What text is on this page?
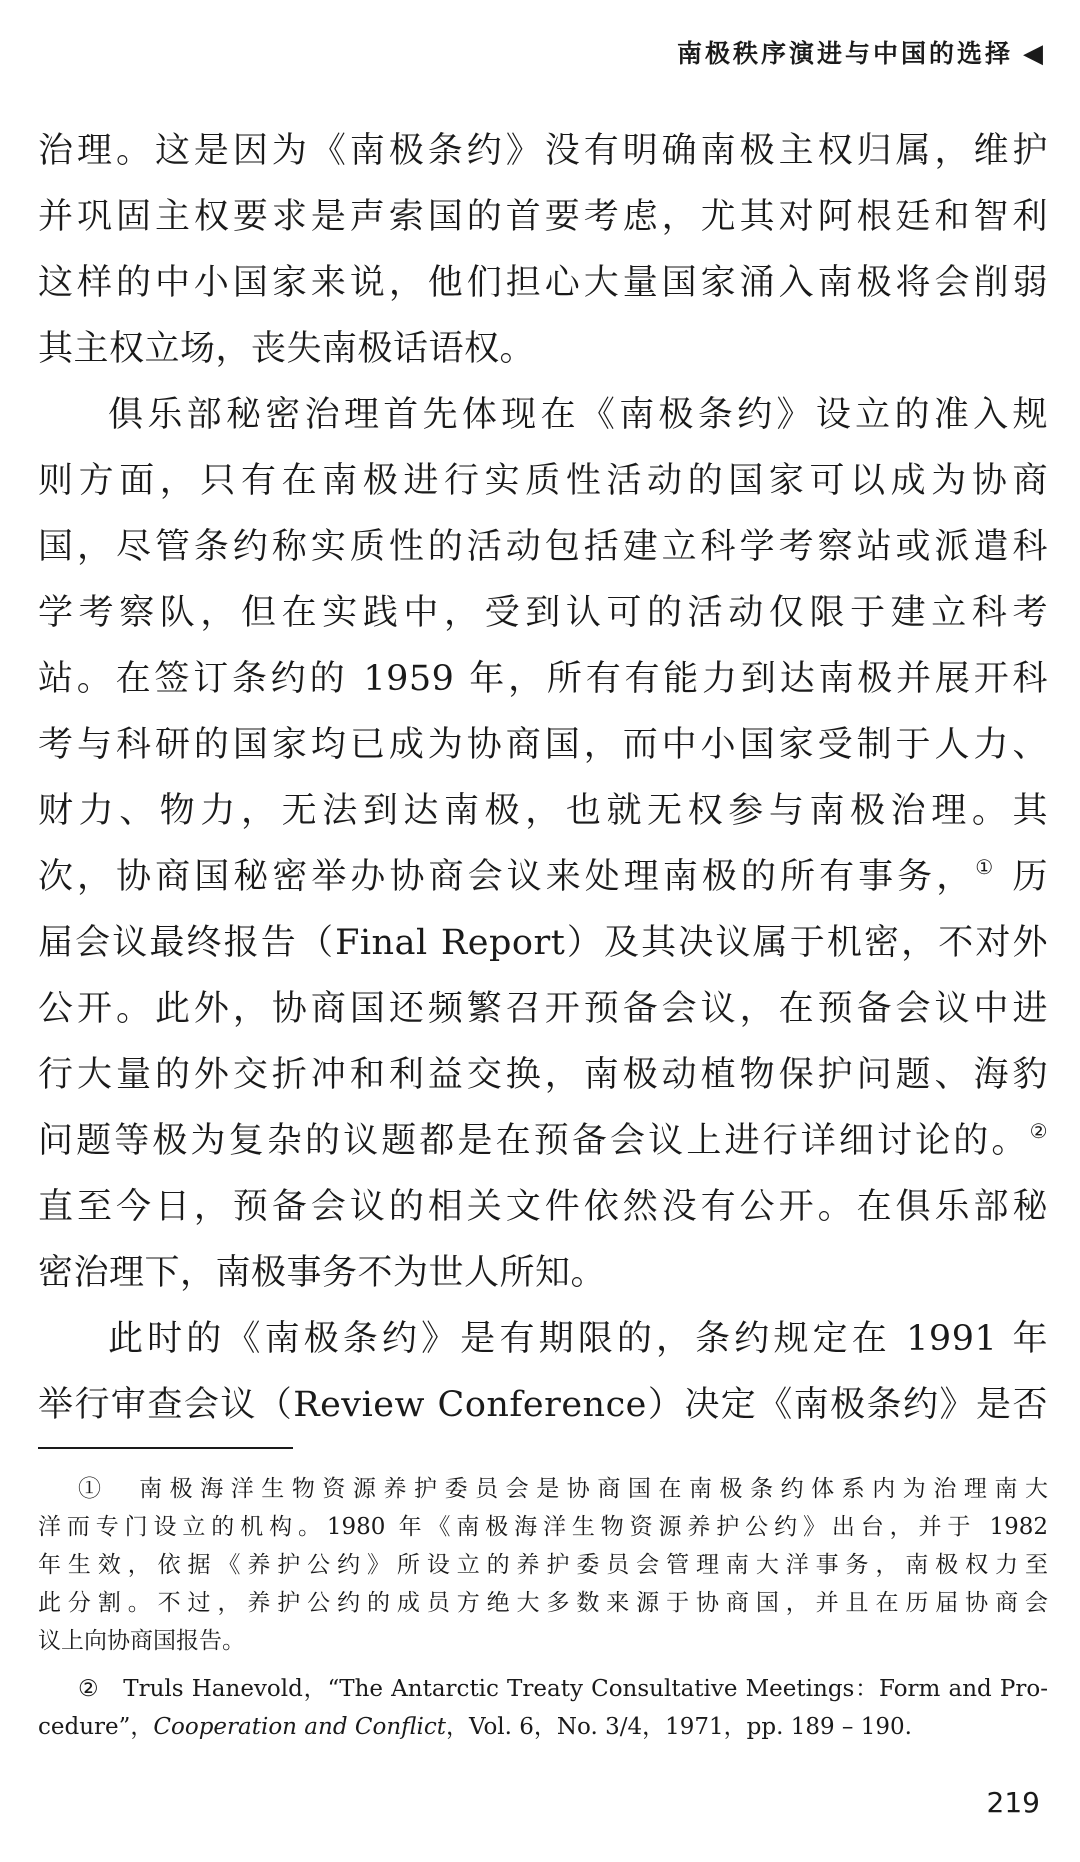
南极秩序演进与中国的选择 ◀
治理。这是因为《南极条约》没有明确南极主权归属，维护
并巩固主权要求是声索国的首要考虑，尤其对阿根廷和智利
这样的中小国家来说，他们担心大量国家涌入南极将会削弱
其主权立场，丧失南极话语权。
俱乐部秘密治理首先体现在《南极条约》设立的准入规
则方面，只有在南极进行实质性活动的国家可以成为协商
国，尽管条约称实质性的活动包括建立科学考察站或派遣科
学考察队，但在实践中，受到认可的活动仅限于建立科考
站。在签订条约的 1959 年，所有有能力到达南极并展开科
考与科研的国家均已成为协商国，而中小国家受制于人力、
财力、物力，无法到达南极，也就无权参与南极治理。其
次，协商国秘密举办协商会议来处理南极的所有事务，① 历
届会议最终报告（Final Report）及其决议属于机密，不对外
公开。此外，协商国还频繁召开预备会议，在预备会议中进
行大量的外交折冲和利益交换，南极动植物保护问题、海豹
问题等极为复杂的议题都是在预备会议上进行详细讨论的。②
直至今日，预备会议的相关文件依然没有公开。在俱乐部秘
密治理下，南极事务不为世人所知。
此时的《南极条约》是有期限的，条约规定在 1991 年
举行审查会议（Review Conference）决定《南极条约》是否
①　南极海洋生物资源养护委员会是协商国在南极条约体系内为治理南大
洋而专门设立的机构。1980 年《南极海洋生物资源养护公约》出台，并于 1982
年生效，依据《养护公约》所设立的养护委员会管理南大洋事务，南极权力至
此分割。不过，养护公约的成员方绝大多数来源于协商国，并且在历届协商会
议上向协商国报告。
②　Truls Hanevold，“The Antarctic Treaty Consultative Meetings：Form and Pro-
cedure”，Cooperation and Conflict，Vol. 6，No. 3/4，1971，pp. 189 – 190.
219
